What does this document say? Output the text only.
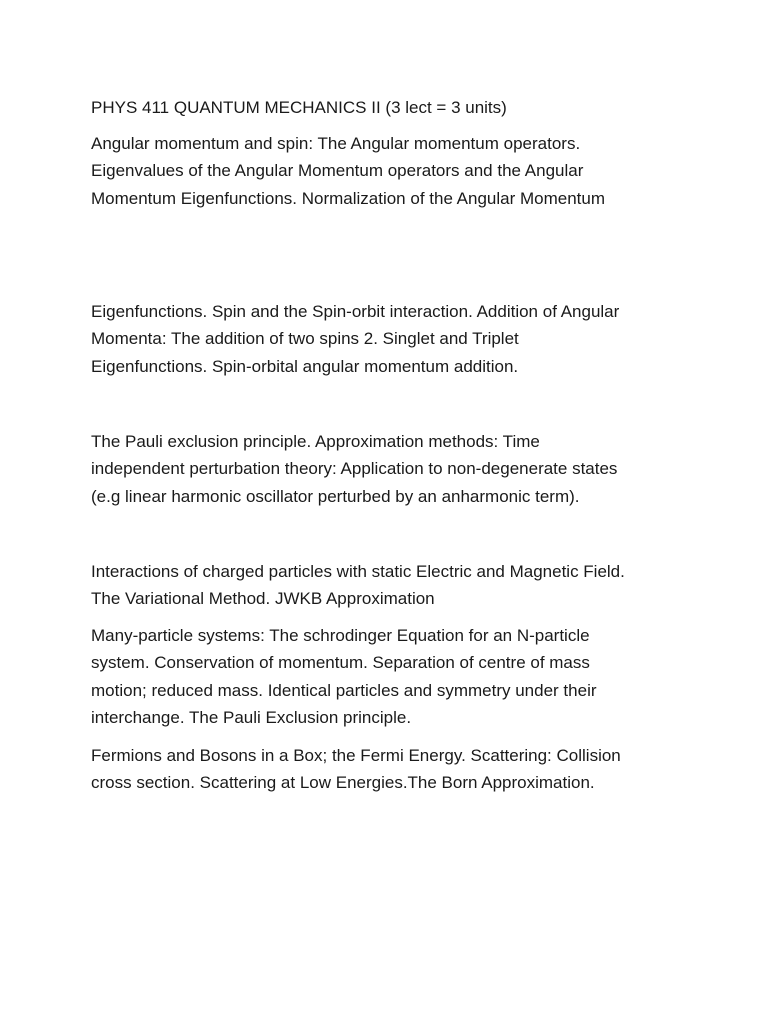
PHYS 411 QUANTUM MECHANICS II (3 lect = 3 units)

Angular momentum and spin: The Angular momentum operators.
Eigenvalues of the Angular Momentum operators and the Angular
Momentum Eigenfunctions. Normalization of the Angular Momentum

Eigenfunctions. Spin and the Spin-orbit interaction. Addition of Angular
Momenta: The addition of two spins 2. Singlet and Triplet
Eigenfunctions. Spin-orbital angular momentum addition.

The Pauli exclusion principle. Approximation methods: Time
independent perturbation theory: Application to non-degenerate states
(e.g linear harmonic oscillator perturbed by an anharmonic term).

Interactions of charged particles with static Electric and Magnetic Field.
The Variational Method. JWKB Approximation

Many-particle systems: The schrodinger Equation for an N-particle
system. Conservation of momentum. Separation of centre of mass
motion; reduced mass. Identical particles and symmetry under their
interchange. The Pauli Exclusion principle.

Fermions and Bosons in a Box; the Fermi Energy. Scattering: Collision
cross section. Scattering at Low Energies.The Born Approximation.
